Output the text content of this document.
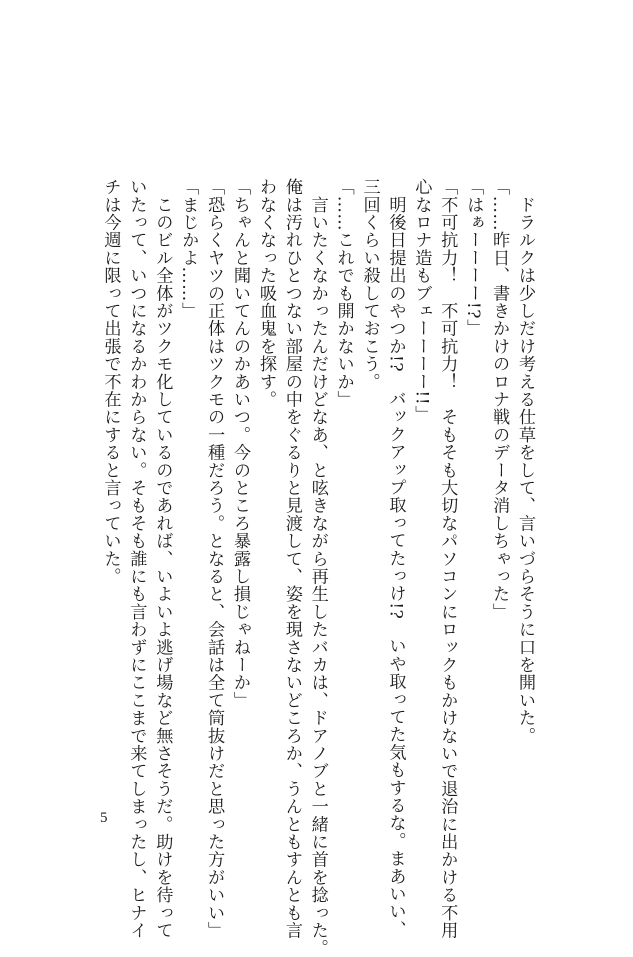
　ドラルクは少しだけ考える仕草をして、言いづらそうに口を開いた。

「……昨日、書きかけのロナ戦のデータ消しちゃった」

「はぁーーーー!?」

「不可抗力！　不可抗力！　そもそも大切なパソコンにロックもかけないで退治に出かける不用

心なロナ造もブェーーーー!!」

　明後日提出のやつか!?　バックアップ取ってたっけ!?　いや取ってた気もするな。まあいい、

三回くらい殺しておこう。

「……これでも開かないか」

　言いたくなかったんだけどなあ、と呟きながら再生したバカは、ドアノブと一緒に首を捻った。

俺は汚れひとつない部屋の中をぐるりと見渡して、姿を現さないどころか、うんともすんとも言

わなくなった吸血鬼を探す。

「ちゃんと聞いてんのかあいつ。今のところ暴露し損じゃねーか」

「恐らくヤツの正体はツクモの一種だろう。となると、会話は全て筒抜けだと思った方がいい」

「まじかよ……」

　このビル全体がツクモ化しているのであれば、いよいよ逃げ場など無さそうだ。助けを待って

いたって、いつになるかわからない。そもそも誰にも言わずにここまで来てしまったし、ヒナイ

チは今週に限って出張で不在にすると言っていた。

5
